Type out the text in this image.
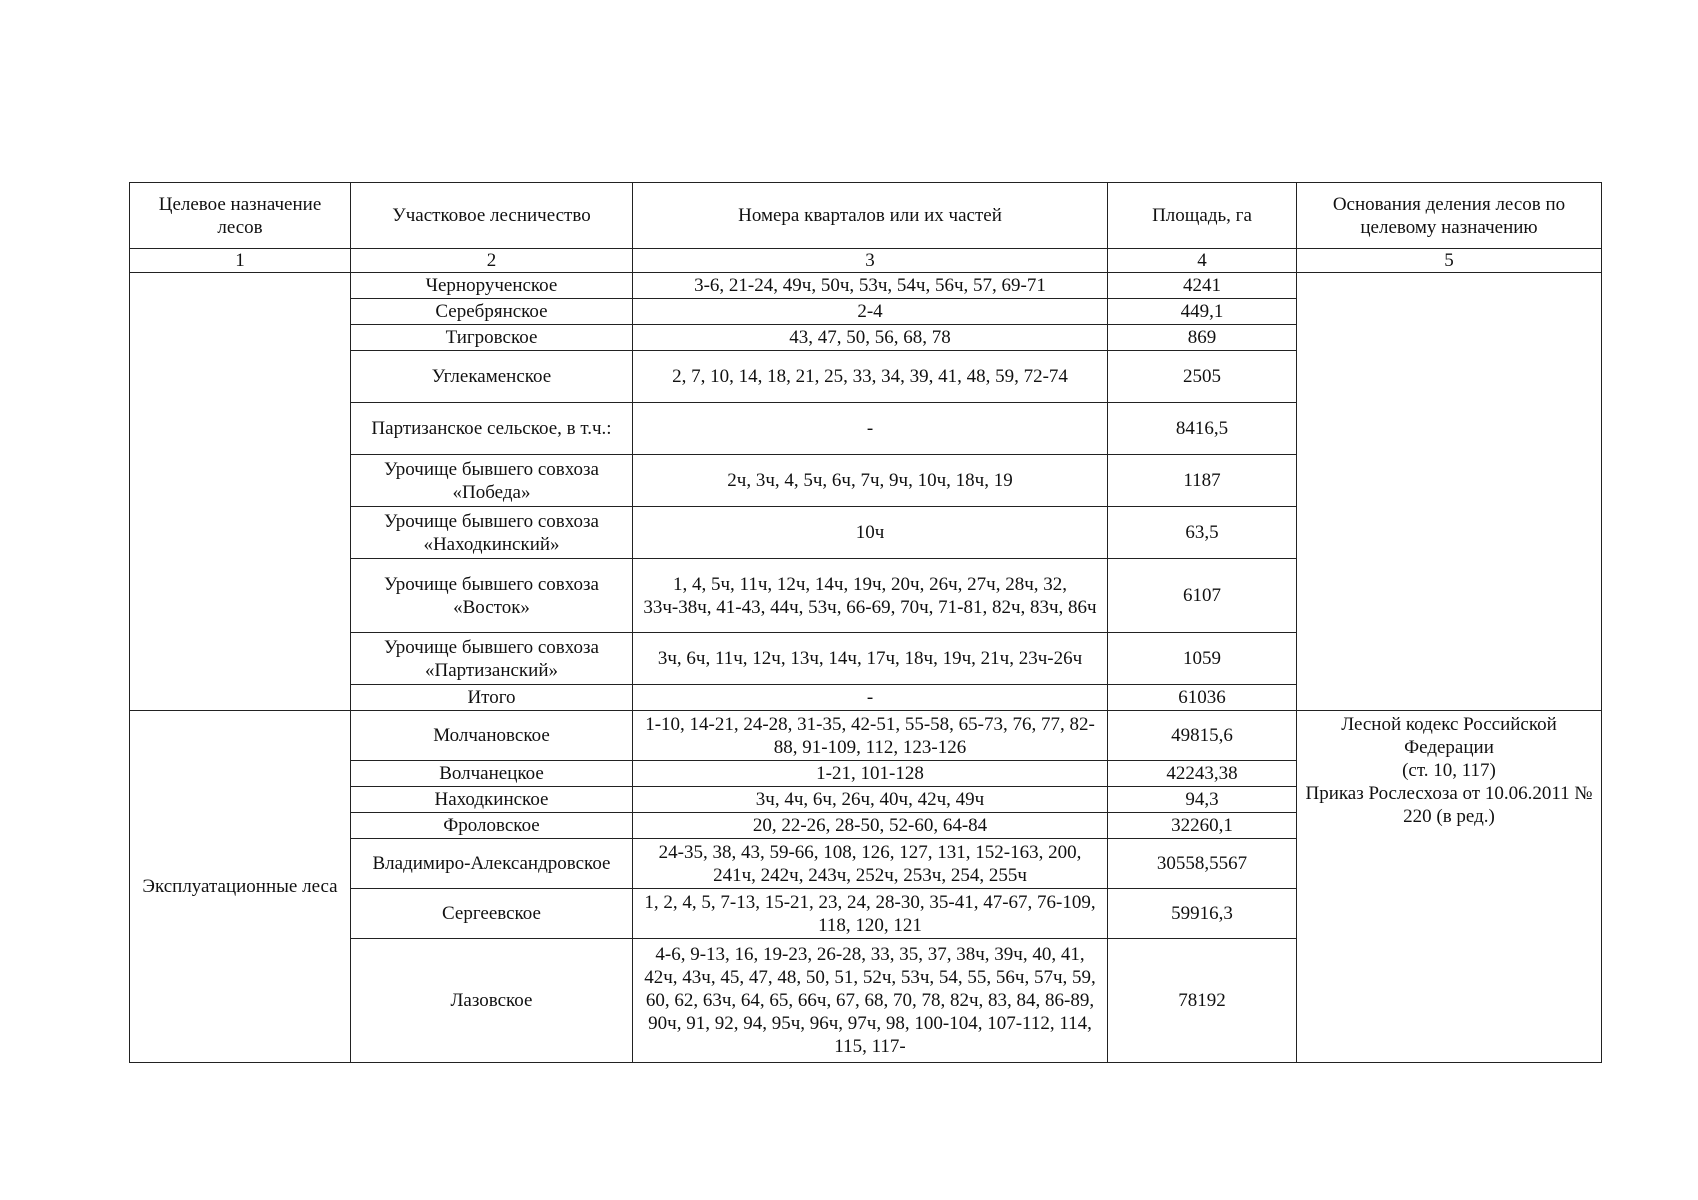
Целевое назначение лесов	Участковое лесничество	Номера кварталов или их частей	Площадь, га	Основания деления лесов по целевому назначению
1	2	3	4	5
	Чернорученское	3-6, 21-24, 49ч, 50ч, 53ч, 54ч, 56ч, 57, 69-71	4241	
	Серебрянское	2-4	449,1	
	Тигровское	43, 47, 50, 56, 68, 78	869	
	Углекаменское	2, 7, 10, 14, 18, 21, 25, 33, 34, 39, 41, 48, 59, 72-74	2505	
	Партизанское сельское, в т.ч.:	-	8416,5	
	Урочище бывшего совхоза «Победа»	2ч, 3ч, 4, 5ч, 6ч, 7ч, 9ч, 10ч, 18ч, 19	1187	
	Урочище бывшего совхоза «Находкинский»	10ч	63,5	
	Урочище бывшего совхоза «Восток»	1, 4, 5ч, 11ч, 12ч, 14ч, 19ч, 20ч, 26ч, 27ч, 28ч, 32, 33ч-38ч, 41-43, 44ч, 53ч, 66-69, 70ч, 71-81, 82ч, 83ч, 86ч	6107	
	Урочище бывшего совхоза «Партизанский»	3ч, 6ч, 11ч, 12ч, 13ч, 14ч, 17ч, 18ч, 19ч, 21ч, 23ч-26ч	1059	
	Итого	-	61036	
Эксплуатационные леса	Молчановское	1-10, 14-21, 24-28, 31-35, 42-51, 55-58, 65-73, 76, 77, 82-88, 91-109, 112, 123-126	49815,6	Лесной кодекс Российской Федерации
(ст. 10, 117)
Приказ Рослесхоза от 10.06.2011 № 220 (в ред.)

	Волчанецкое	1-21, 101-128	42243,38	
	Находкинское	3ч, 4ч, 6ч, 26ч, 40ч, 42ч, 49ч	94,3	
	Фроловское	20, 22-26, 28-50, 52-60, 64-84	32260,1	
	Владимиро-Александровское	24-35, 38, 43, 59-66, 108, 126, 127, 131, 152-163, 200, 241ч, 242ч, 243ч, 252ч, 253ч, 254, 255ч	30558,5567	
	Сергеевское	1, 2, 4, 5, 7-13, 15-21, 23, 24, 28-30, 35-41, 47-67, 76-109, 118, 120, 121	59916,3	
	Лазовское	4-6, 9-13, 16, 19-23, 26-28, 33, 35, 37, 38ч, 39ч, 40, 41, 42ч, 43ч, 45, 47, 48, 50, 51, 52ч, 53ч, 54, 55, 56ч, 57ч, 59, 60, 62, 63ч, 64, 65, 66ч, 67, 68, 70, 78, 82ч, 83, 84, 86-89, 90ч, 91, 92, 94, 95ч, 96ч, 97ч, 98, 100-104, 107-112, 114, 115, 117-	78192	
